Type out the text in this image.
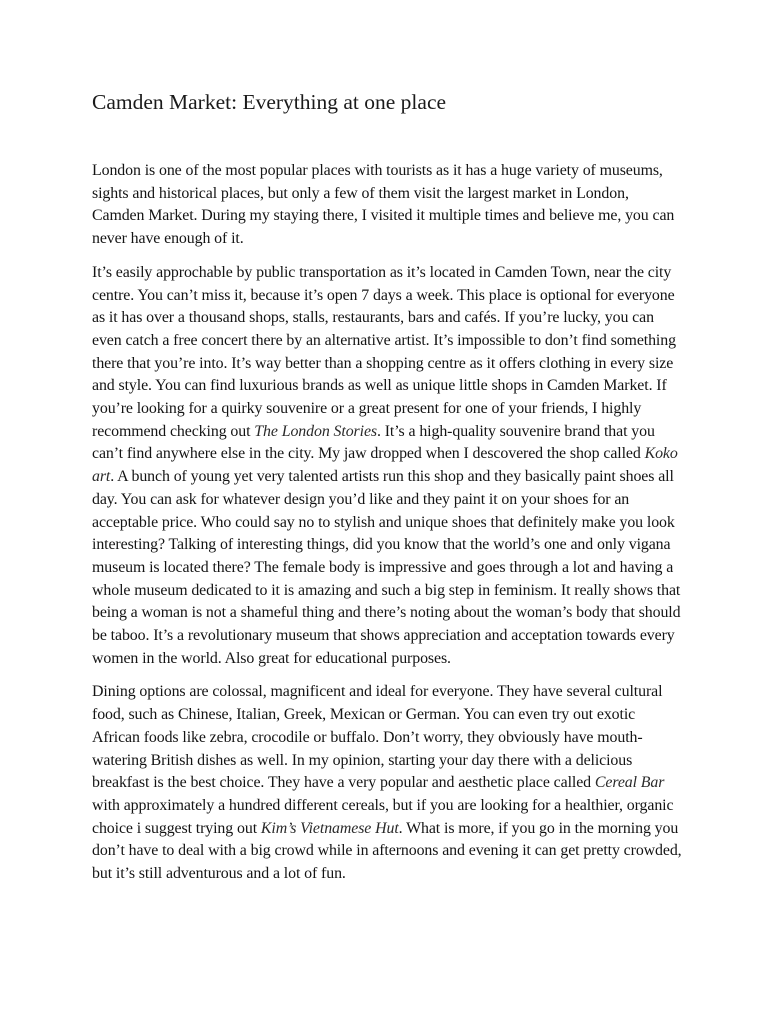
Camden Market: Everything at one place

London is one of the most popular places with tourists as it has a huge variety of museums, sights and historical places, but only a few of them visit the largest market in London, Camden Market. During my staying there, I visited it multiple times and believe me, you can never have enough of it.

It’s easily approchable by public transportation as it’s located in Camden Town, near the city centre. You can’t miss it, because it’s open 7 days a week. This place is optional for everyone as it has over a thousand shops, stalls, restaurants, bars and cafés. If you’re lucky, you can even catch a free concert there by an alternative artist. It’s impossible to don’t find something there that you’re into. It’s way better than a shopping centre as it offers clothing in every size and style. You can find luxurious brands as well as unique little shops in Camden Market. If you’re looking for a quirky souvenire or a great present for one of your friends, I highly recommend checking out The London Stories. It’s a high-quality souvenire brand that you can’t find anywhere else in the city. My jaw dropped when I descovered the shop called Koko art. A bunch of young yet very talented artists run this shop and they basically paint shoes all day. You can ask for whatever design you’d like and they paint it on your shoes for an acceptable price. Who could say no to stylish and unique shoes that definitely make you look interesting? Talking of interesting things, did you know that the world’s one and only vigana museum is located there? The female body is impressive and goes through a lot and having a whole museum dedicated to it is amazing and such a big step in feminism. It really shows that being a woman is not a shameful thing and there’s noting about the woman’s body that should be taboo. It’s a revolutionary museum that shows appreciation and acceptation towards every women in the world. Also great for educational purposes.

Dining options are colossal, magnificent and ideal for everyone. They have several cultural food, such as Chinese, Italian, Greek, Mexican or German. You can even try out exotic African foods like zebra, crocodile or buffalo. Don’t worry, they obviously have mouth-watering British dishes as well. In my opinion, starting your day there with a delicious breakfast is the best choice. They have a very popular and aesthetic place called Cereal Bar with approximately a hundred different cereals, but if you are looking for a healthier, organic choice i suggest trying out Kim’s Vietnamese Hut. What is more, if you go in the morning you don’t have to deal with a big crowd while in afternoons and evening it can get pretty crowded, but it’s still adventurous and a lot of fun.
